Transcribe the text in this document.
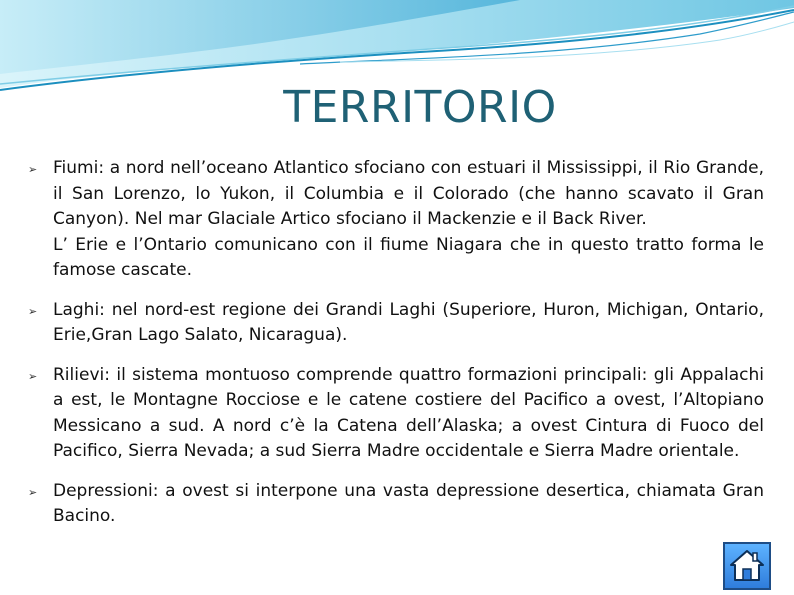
TERRITORIO
➢ Fiumi: a nord nell’oceano Atlantico sfociano con estuari il Mississippi, il Rio Grande, il San Lorenzo, lo Yukon, il Columbia e il Colorado (che hanno scavato il Gran Canyon). Nel mar Glaciale Artico sfociano il Mackenzie e il Back River.

L’ Erie e l’Ontario comunicano con il fiume Niagara che in questo tratto forma le famose cascate.

➢ Laghi: nel nord-est regione dei Grandi Laghi (Superiore, Huron, Michigan, Ontario, Erie,Gran Lago Salato, Nicaragua).

➢ Rilievi: il sistema montuoso comprende quattro formazioni principali: gli Appalachi a est, le Montagne Rocciose e le catene costiere del Pacifico a ovest, l’Altopiano Messicano a sud. A nord c’è la Catena dell’Alaska; a ovest Cintura di Fuoco del Pacifico, Sierra Nevada; a sud Sierra Madre occidentale e Sierra Madre orientale.

➢ Depressioni: a ovest si interpone una vasta depressione desertica, chiamata Gran Bacino.
